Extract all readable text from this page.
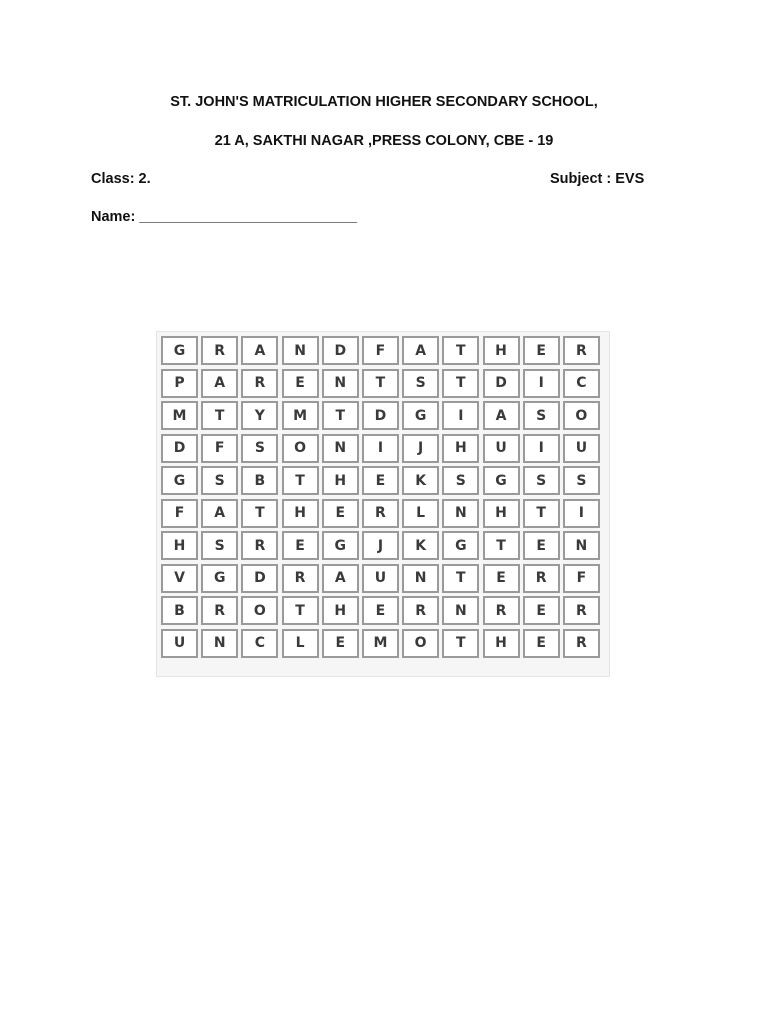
ST. JOHN'S MATRICULATION HIGHER SECONDARY SCHOOL,
21 A, SAKTHI NAGAR ,PRESS COLONY, CBE - 19
Class: 2.	Subject : EVS
Name: ___________________________
G	R	A	N	D	F	A	T	H	E	R
P	A	R	E	N	T	S	T	D	I	C
M	T	Y	M	T	D	G	I	A	S	O
D	F	S	O	N	I	J	H	U	I	U
G	S	B	T	H	E	K	S	G	S	S
F	A	T	H	E	R	L	N	H	T	I
H	S	R	E	G	J	K	G	T	E	N
V	G	D	R	A	U	N	T	E	R	F
B	R	O	T	H	E	R	N	R	E	R
U	N	C	L	E	M	O	T	H	E	R
